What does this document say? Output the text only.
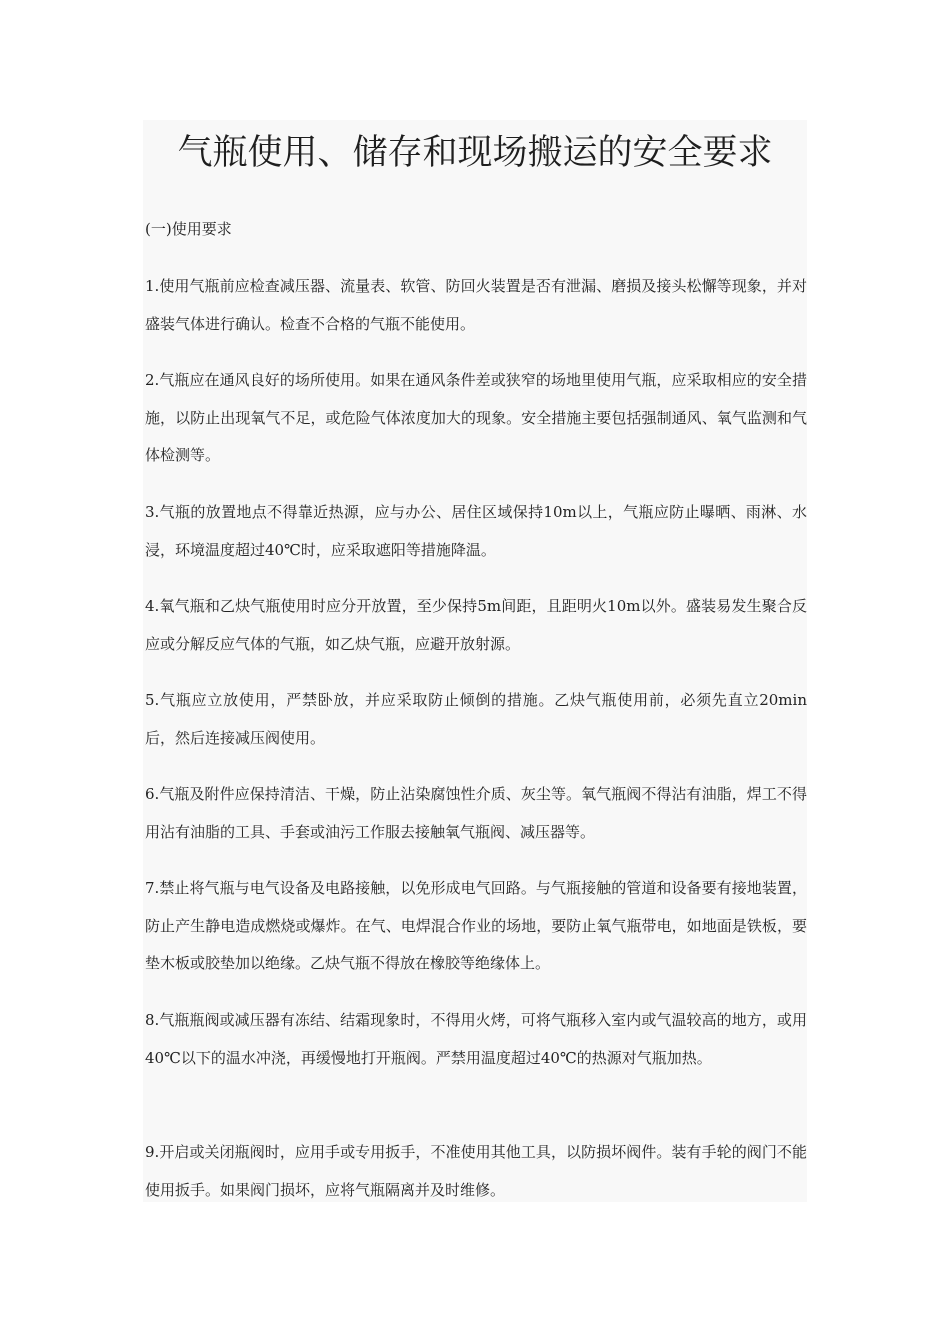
气瓶使用、储存和现场搬运的安全要求

(一)使用要求

1.使用气瓶前应检查减压器、流量表、软管、防回火装置是否有泄漏、磨损及接头松懈等现象，并对盛装气体进行确认。检查不合格的气瓶不能使用。

2.气瓶应在通风良好的场所使用。如果在通风条件差或狭窄的场地里使用气瓶，应采取相应的安全措施，以防止出现氧气不足，或危险气体浓度加大的现象。安全措施主要包括强制通风、氧气监测和气体检测等。

3.气瓶的放置地点不得靠近热源，应与办公、居住区域保持10m以上，气瓶应防止曝晒、雨淋、水浸，环境温度超过40℃时，应采取遮阳等措施降温。

4.氧气瓶和乙炔气瓶使用时应分开放置，至少保持5m间距，且距明火10m以外。盛装易发生聚合反应或分解反应气体的气瓶，如乙炔气瓶，应避开放射源。

5.气瓶应立放使用，严禁卧放，并应采取防止倾倒的措施。乙炔气瓶使用前，必须先直立20min后，然后连接减压阀使用。

6.气瓶及附件应保持清洁、干燥，防止沾染腐蚀性介质、灰尘等。氧气瓶阀不得沾有油脂，焊工不得用沾有油脂的工具、手套或油污工作服去接触氧气瓶阀、减压器等。

7.禁止将气瓶与电气设备及电路接触，以免形成电气回路。与气瓶接触的管道和设备要有接地装置，防止产生静电造成燃烧或爆炸。在气、电焊混合作业的场地，要防止氧气瓶带电，如地面是铁板，要垫木板或胶垫加以绝缘。乙炔气瓶不得放在橡胶等绝缘体上。

8.气瓶瓶阀或减压器有冻结、结霜现象时，不得用火烤，可将气瓶移入室内或气温较高的地方，或用40℃以下的温水冲浇，再缓慢地打开瓶阀。严禁用温度超过40℃的热源对气瓶加热。

9.开启或关闭瓶阀时，应用手或专用扳手，不准使用其他工具，以防损坏阀件。装有手轮的阀门不能使用扳手。如果阀门损坏，应将气瓶隔离并及时维修。
